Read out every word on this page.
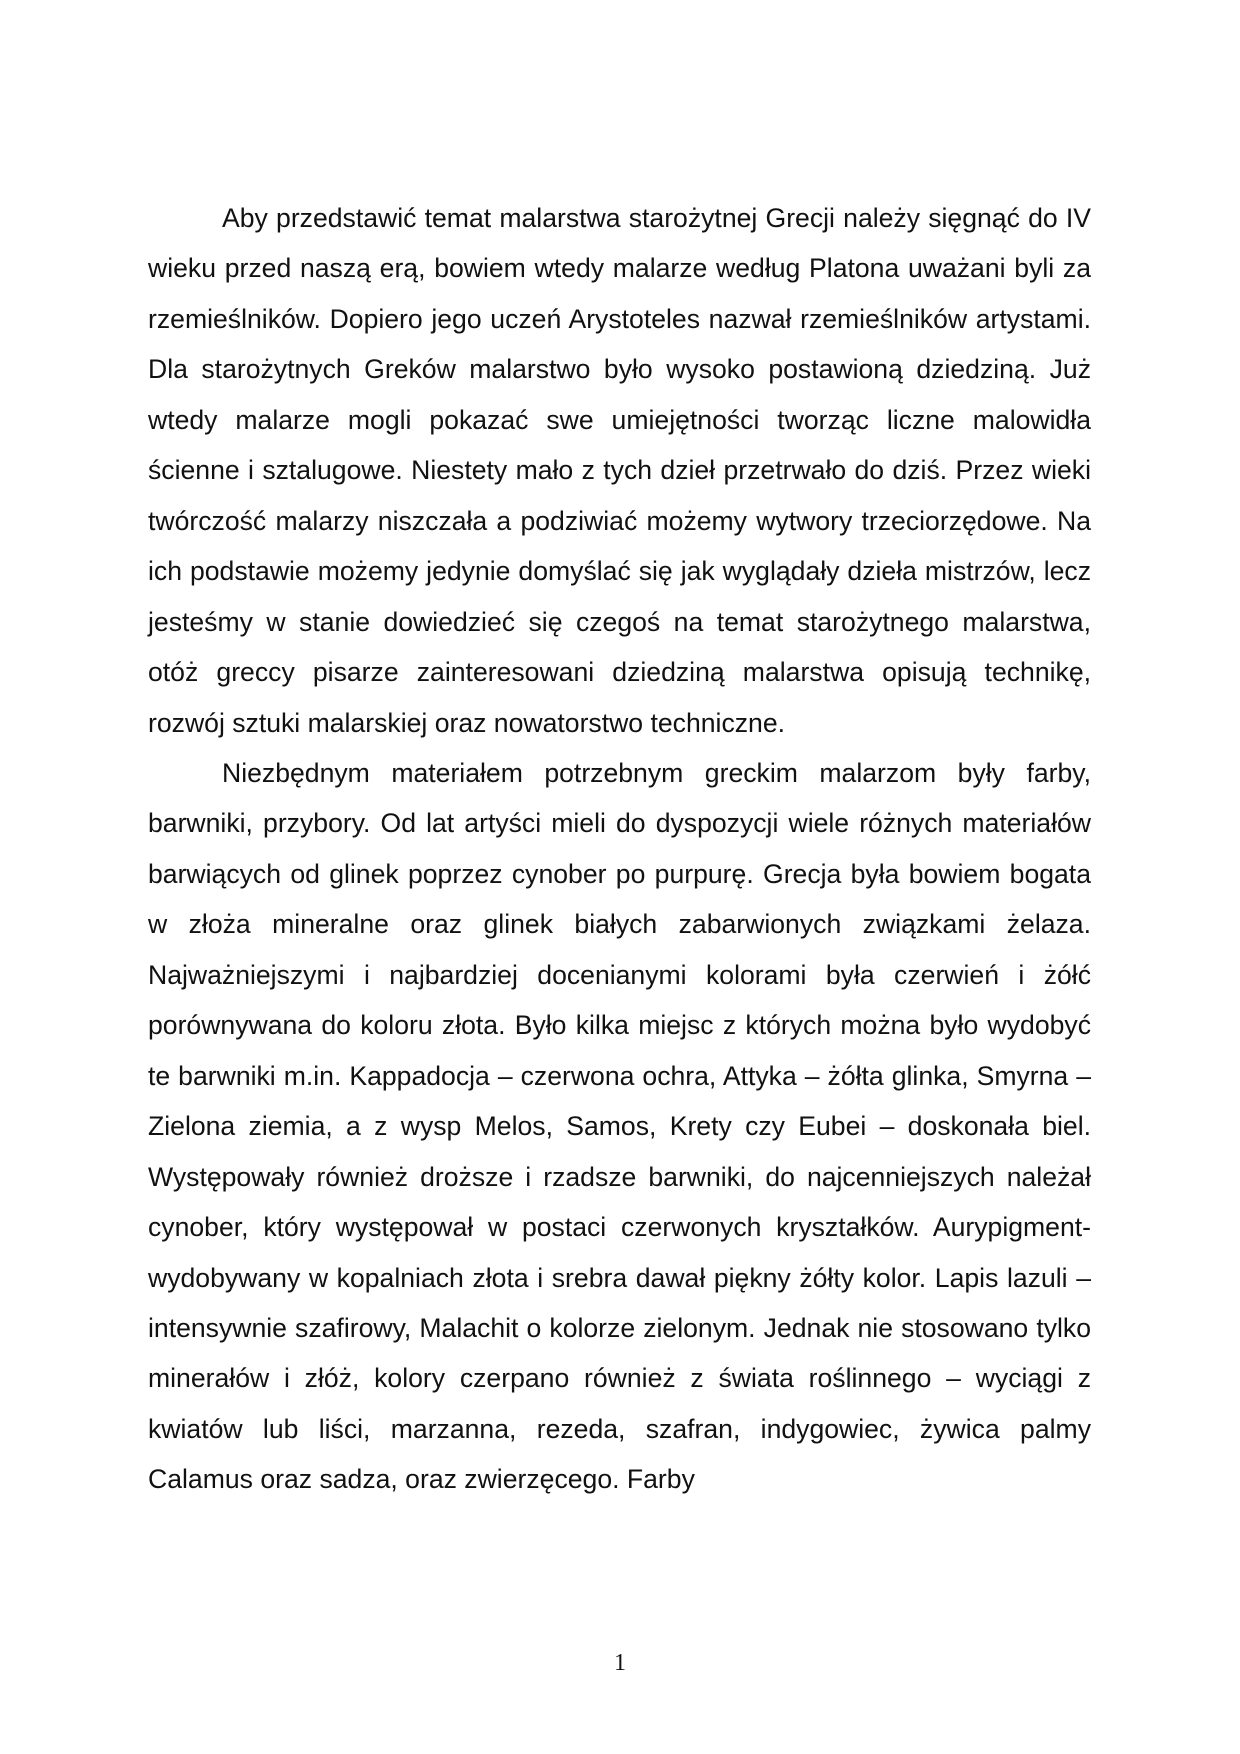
Aby przedstawić temat malarstwa starożytnej Grecji należy sięgnąć do IV wieku przed naszą erą, bowiem wtedy malarze według Platona uważani byli za rzemieślników. Dopiero jego uczeń Arystoteles nazwał rzemieślników artystami. Dla starożytnych Greków malarstwo było wysoko postawioną dziedziną. Już wtedy malarze mogli pokazać swe umiejętności tworząc liczne malowidła ścienne i sztalugowe. Niestety mało z tych dzieł przetrwało do dziś. Przez wieki twórczość malarzy niszczała a podziwiać możemy wytwory trzeciorzędowe. Na ich podstawie możemy jedynie domyślać się jak wyglądały dzieła mistrzów, lecz jesteśmy w stanie dowiedzieć się czegoś na temat starożytnego malarstwa, otóż greccy pisarze zainteresowani dziedziną malarstwa opisują technikę, rozwój sztuki malarskiej oraz nowatorstwo techniczne.

Niezbędnym materiałem potrzebnym greckim malarzom były farby, barwniki, przybory. Od lat artyści mieli do dyspozycji wiele różnych materiałów barwiących od glinek poprzez cynober po purpurę. Grecja była bowiem bogata w złoża mineralne oraz glinek białych zabarwionych związkami żelaza. Najważniejszymi i najbardziej docenianymi kolorami była czerwień i żółć porównywana do koloru złota. Było kilka miejsc z których można było wydobyć te barwniki m.in. Kappadocja – czerwona ochra, Attyka – żółta glinka, Smyrna – Zielona ziemia, a z wysp Melos, Samos, Krety czy Eubei – doskonała biel. Występowały również droższe i rzadsze barwniki, do najcenniejszych należał cynober, który występował w postaci czerwonych kryształków. Aurypigment- wydobywany w kopalniach złota i srebra dawał piękny żółty kolor. Lapis lazuli – intensywnie szafirowy, Malachit o kolorze zielonym. Jednak nie stosowano tylko minerałów i złóż, kolory czerpano również z świata roślinnego – wyciągi z kwiatów lub liści, marzanna, rezeda, szafran, indygowiec, żywica palmy Calamus oraz sadza, oraz zwierzęcego. Farby

1
